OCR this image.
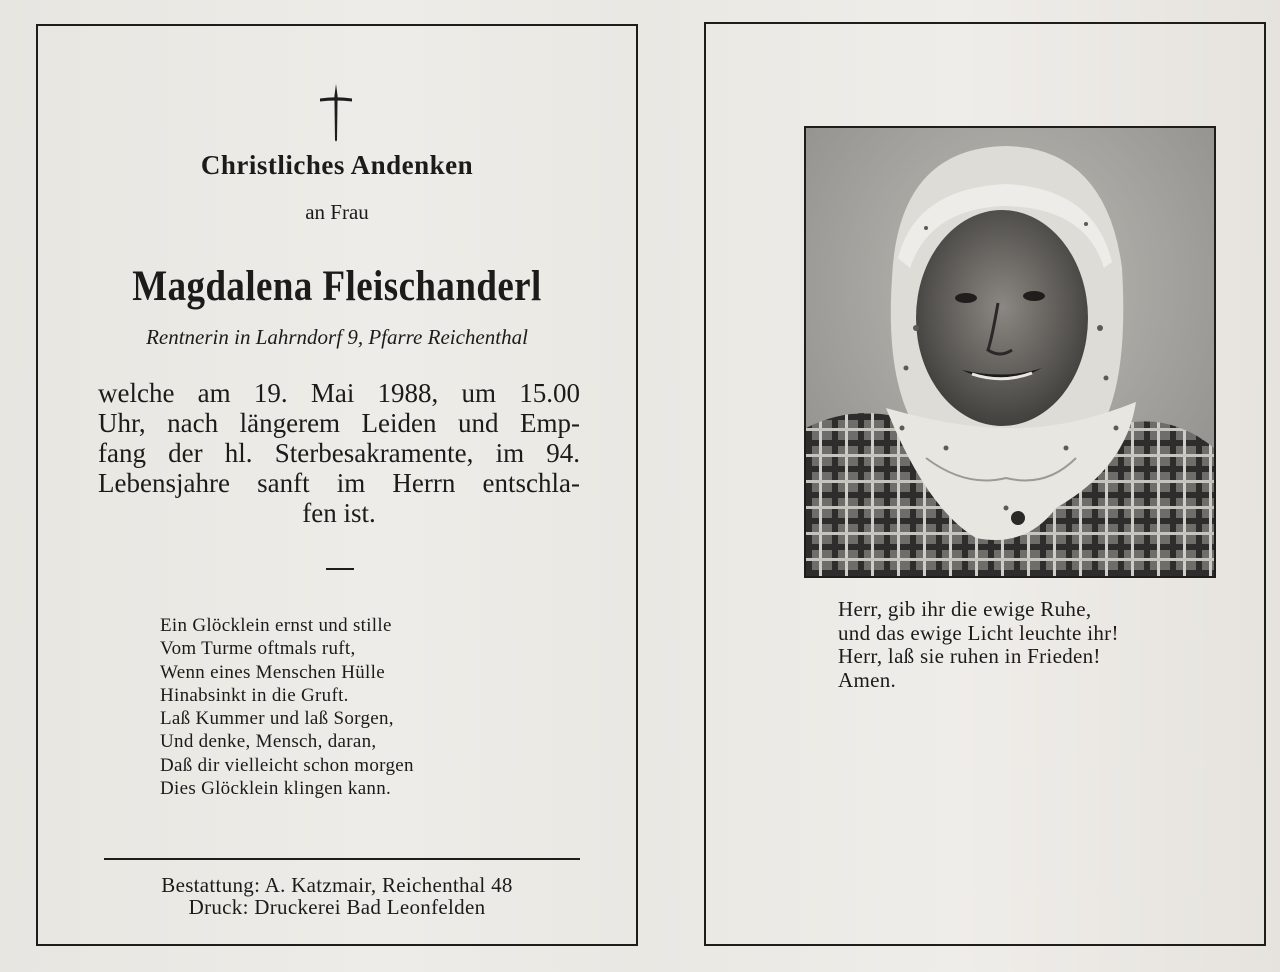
Christliches Andenken
an Frau
Magdalena Fleischanderl
Rentnerin in Lahrndorf 9, Pfarre Reichenthal
welche am 19. Mai 1988, um 15.00
Uhr, nach längerem Leiden und Emp-
fang der hl. Sterbesakramente, im 94.
Lebensjahre sanft im Herrn entschla-
fen ist.
Ein Glöcklein ernst und stille
Vom Turme oftmals ruft,
Wenn eines Menschen Hülle
Hinabsinkt in die Gruft.
Laß Kummer und laß Sorgen,
Und denke, Mensch, daran,
Daß dir vielleicht schon morgen
Dies Glöcklein klingen kann.
Bestattung: A. Katzmair, Reichenthal 48
Druck: Druckerei Bad Leonfelden
Herr, gib ihr die ewige Ruhe,
und das ewige Licht leuchte ihr!
Herr, laß sie ruhen in Frieden!
Amen.
